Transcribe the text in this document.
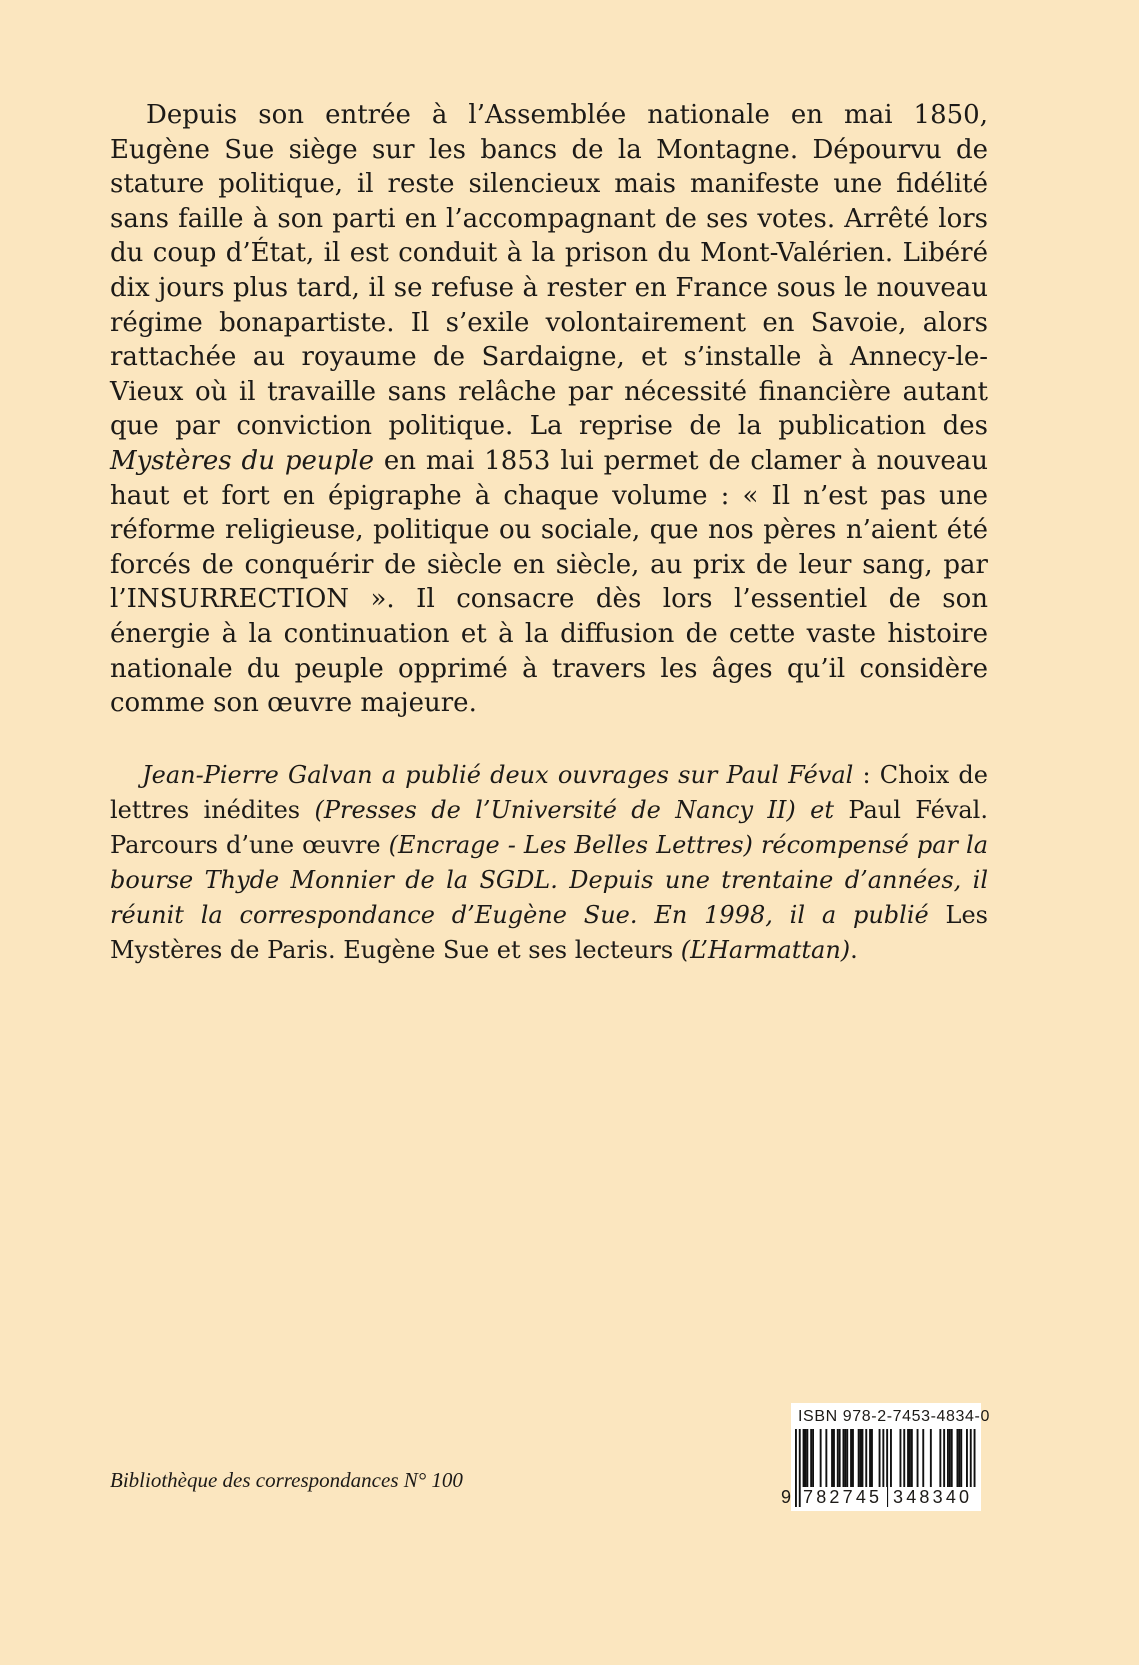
Depuis son entrée à l’Assemblée nationale en mai 1850, Eugène Sue siège sur les bancs de la Montagne. Dépourvu de stature politique, il reste silencieux mais manifeste une fidélité sans faille à son parti en l’accompagnant de ses votes. Arrêté lors du coup d’État, il est conduit à la prison du Mont-Valérien. Libéré dix jours plus tard, il se refuse à rester en France sous le nouveau régime bonapartiste. Il s’exile volontairement en Savoie, alors rattachée au royaume de Sardaigne, et s’installe à Annecy-le-Vieux où il travaille sans relâche par nécessité financière autant que par conviction politique. La reprise de la publication des Mystères du peuple en mai 1853 lui permet de clamer à nouveau haut et fort en épigraphe à chaque volume : « Il n’est pas une réforme religieuse, politique ou sociale, que nos pères n’aient été forcés de conquérir de siècle en siècle, au prix de leur sang, par l’INSURRECTION ». Il consacre dès lors l’essentiel de son énergie à la continuation et à la diffusion de cette vaste histoire nationale du peuple opprimé à travers les âges qu’il considère comme son œuvre majeure.

Jean-Pierre Galvan a publié deux ouvrages sur Paul Féval : Choix de lettres inédites (Presses de l’Université de Nancy II) et Paul Féval. Parcours d’une œuvre (Encrage - Les Belles Lettres) récompensé par la bourse Thyde Monnier de la SGDL. Depuis une trentaine d’années, il réunit la correspondance d’Eugène Sue. En 1998, il a publié Les Mystères de Paris. Eugène Sue et ses lecteurs (L’Harmattan).

Bibliothèque des correspondances N° 100

ISBN 978-2-7453-4834-0

9 782745 348340
